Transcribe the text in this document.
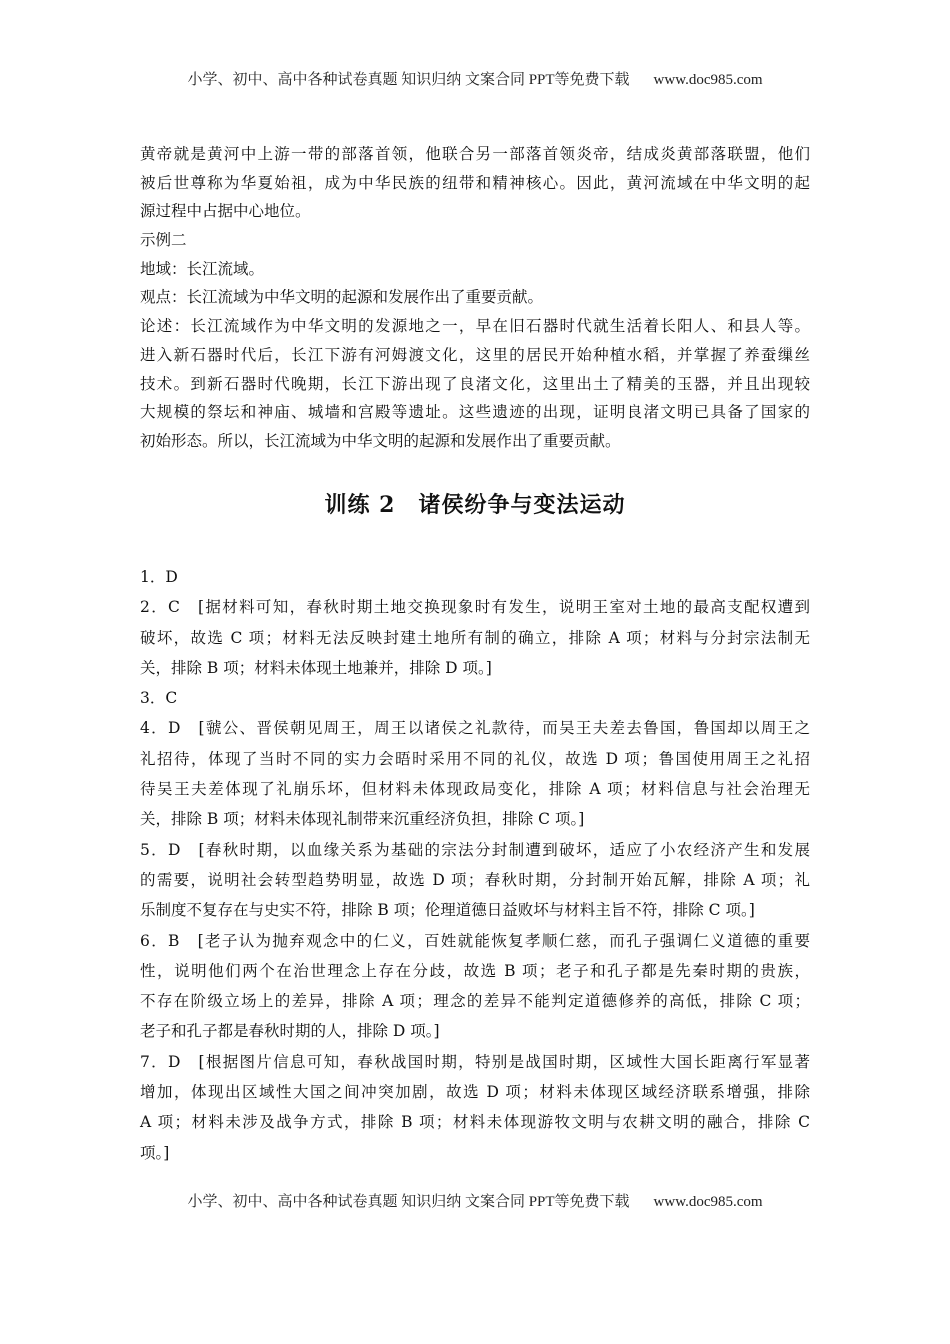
小学、初中、高中各种试卷真题 知识归纳 文案合同 PPT等免费下载 www.doc985.com
黄帝就是黄河中上游一带的部落首领，他联合另一部落首领炎帝，结成炎黄部落联盟，他们
被后世尊称为华夏始祖，成为中华民族的纽带和精神核心。因此，黄河流域在中华文明的起
源过程中占据中心地位。
示例二
地域：长江流域。
观点：长江流域为中华文明的起源和发展作出了重要贡献。
论述：长江流域作为中华文明的发源地之一，早在旧石器时代就生活着长阳人、和县人等。
进入新石器时代后，长江下游有河姆渡文化，这里的居民开始种植水稻，并掌握了养蚕缫丝
技术。到新石器时代晚期，长江下游出现了良渚文化，这里出土了精美的玉器，并且出现较
大规模的祭坛和神庙、城墙和宫殿等遗址。这些遗迹的出现，证明良渚文明已具备了国家的
初始形态。所以，长江流域为中华文明的起源和发展作出了重要贡献。
训练 2　诸侯纷争与变法运动
1．D
2．C　[据材料可知，春秋时期土地交换现象时有发生，说明王室对土地的最高支配权遭到
破坏，故选 C 项；材料无法反映封建土地所有制的确立，排除 A 项；材料与分封宗法制无
关，排除 B 项；材料未体现土地兼并，排除 D 项。]
3．C
4．D　[虢公、晋侯朝见周王，周王以诸侯之礼款待，而吴王夫差去鲁国，鲁国却以周王之
礼招待，体现了当时不同的实力会晤时采用不同的礼仪，故选 D 项；鲁国使用周王之礼招
待吴王夫差体现了礼崩乐坏，但材料未体现政局变化，排除 A 项；材料信息与社会治理无
关，排除 B 项；材料未体现礼制带来沉重经济负担，排除 C 项。]
5．D　[春秋时期，以血缘关系为基础的宗法分封制遭到破坏，适应了小农经济产生和发展
的需要，说明社会转型趋势明显，故选 D 项；春秋时期，分封制开始瓦解，排除 A 项；礼
乐制度不复存在与史实不符，排除 B 项；伦理道德日益败坏与材料主旨不符，排除 C 项。]
6．B　[老子认为抛弃观念中的仁义，百姓就能恢复孝顺仁慈，而孔子强调仁义道德的重要
性，说明他们两个在治世理念上存在分歧，故选 B 项；老子和孔子都是先秦时期的贵族，
不存在阶级立场上的差异，排除 A 项；理念的差异不能判定道德修养的高低，排除 C 项；
老子和孔子都是春秋时期的人，排除 D 项。]
7．D　[根据图片信息可知，春秋战国时期，特别是战国时期，区域性大国长距离行军显著
增加，体现出区域性大国之间冲突加剧，故选 D 项；材料未体现区域经济联系增强，排除
A 项；材料未涉及战争方式，排除 B 项；材料未体现游牧文明与农耕文明的融合，排除 C
项。]
小学、初中、高中各种试卷真题 知识归纳 文案合同 PPT等免费下载 www.doc985.com
